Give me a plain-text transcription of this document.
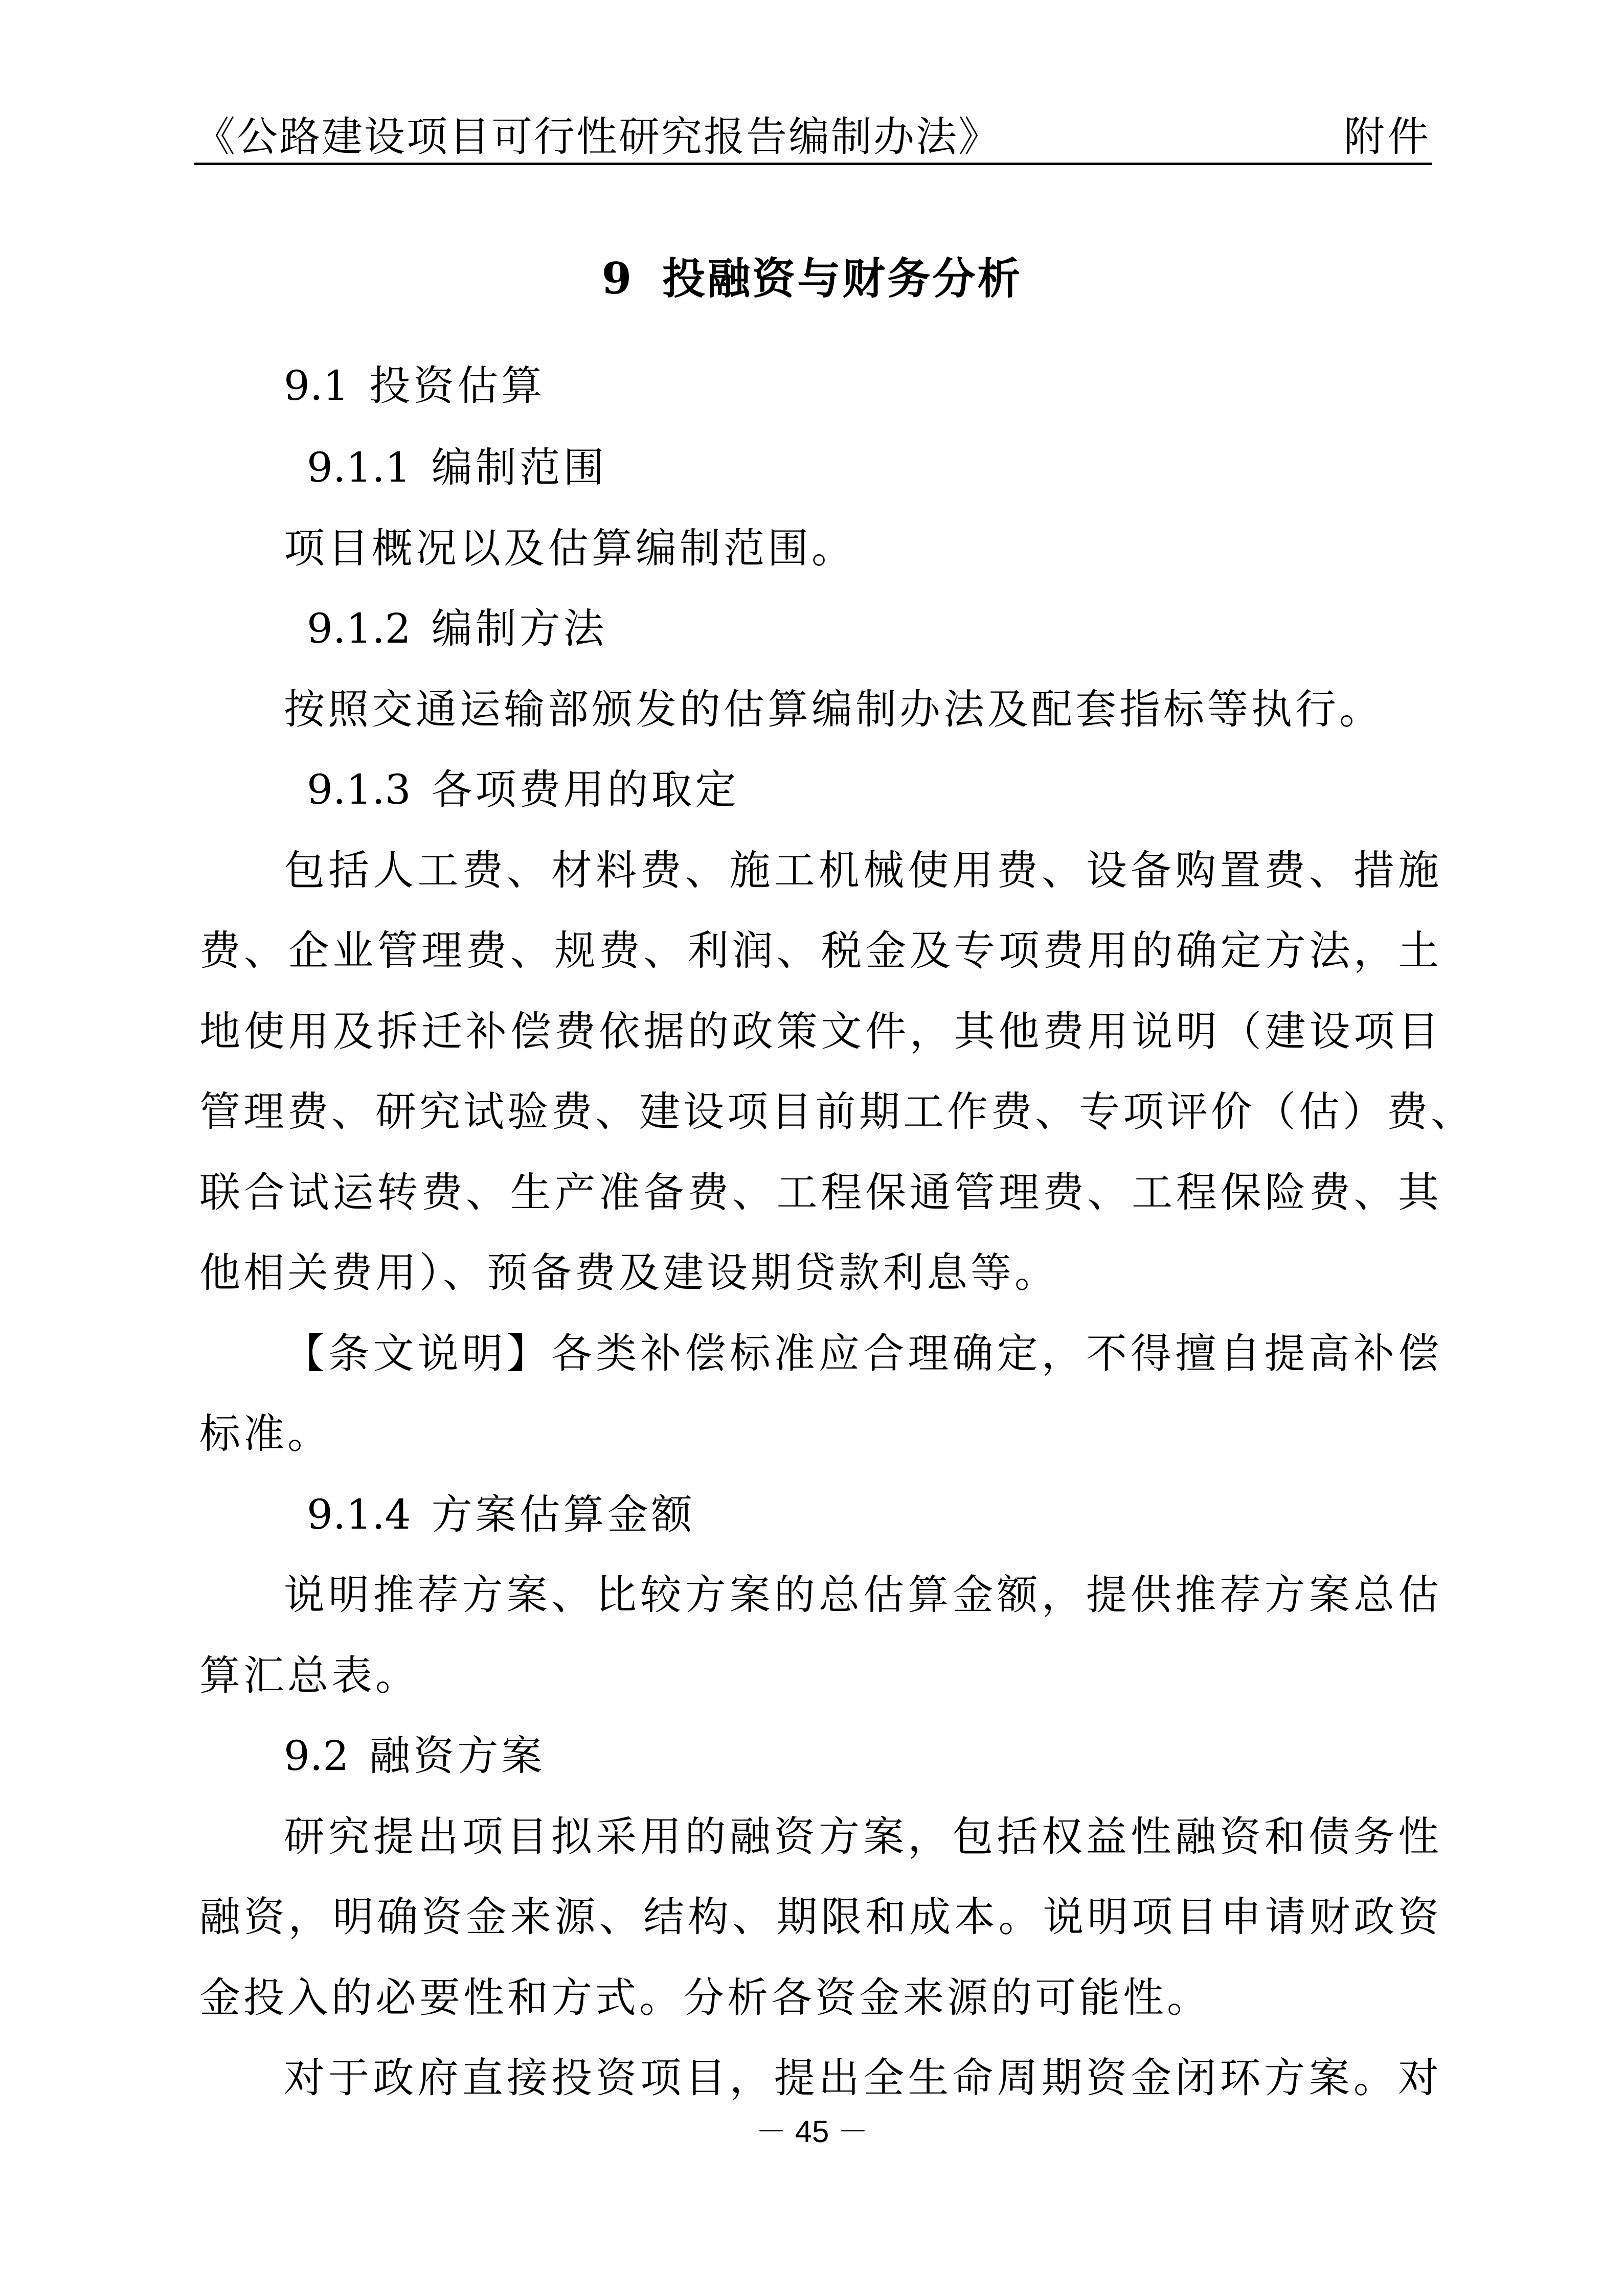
《公路建设项目可行性研究报告编制办法》	附件
9 投融资与财务分析
9.1 投资估算
9.1.1 编制范围
项目概况以及估算编制范围。
9.1.2 编制方法
按照交通运输部颁发的估算编制办法及配套指标等执行。
9.1.3 各项费用的取定
包括人工费、材料费、施工机械使用费、设备购置费、措施
费、企业管理费、规费、利润、税金及专项费用的确定方法，土
地使用及拆迁补偿费依据的政策文件，其他费用说明（建设项目
管理费、研究试验费、建设项目前期工作费、专项评价（估）费、
联合试运转费、生产准备费、工程保通管理费、工程保险费、其
他相关费用）、预备费及建设期贷款利息等。
【条文说明】各类补偿标准应合理确定，不得擅自提高补偿
标准。
9.1.4 方案估算金额
说明推荐方案、比较方案的总估算金额，提供推荐方案总估
算汇总表。
9.2 融资方案
研究提出项目拟采用的融资方案，包括权益性融资和债务性
融资，明确资金来源、结构、期限和成本。说明项目申请财政资
金投入的必要性和方式。分析各资金来源的可能性。
对于政府直接投资项目，提出全生命周期资金闭环方案。对
－ 45 －
